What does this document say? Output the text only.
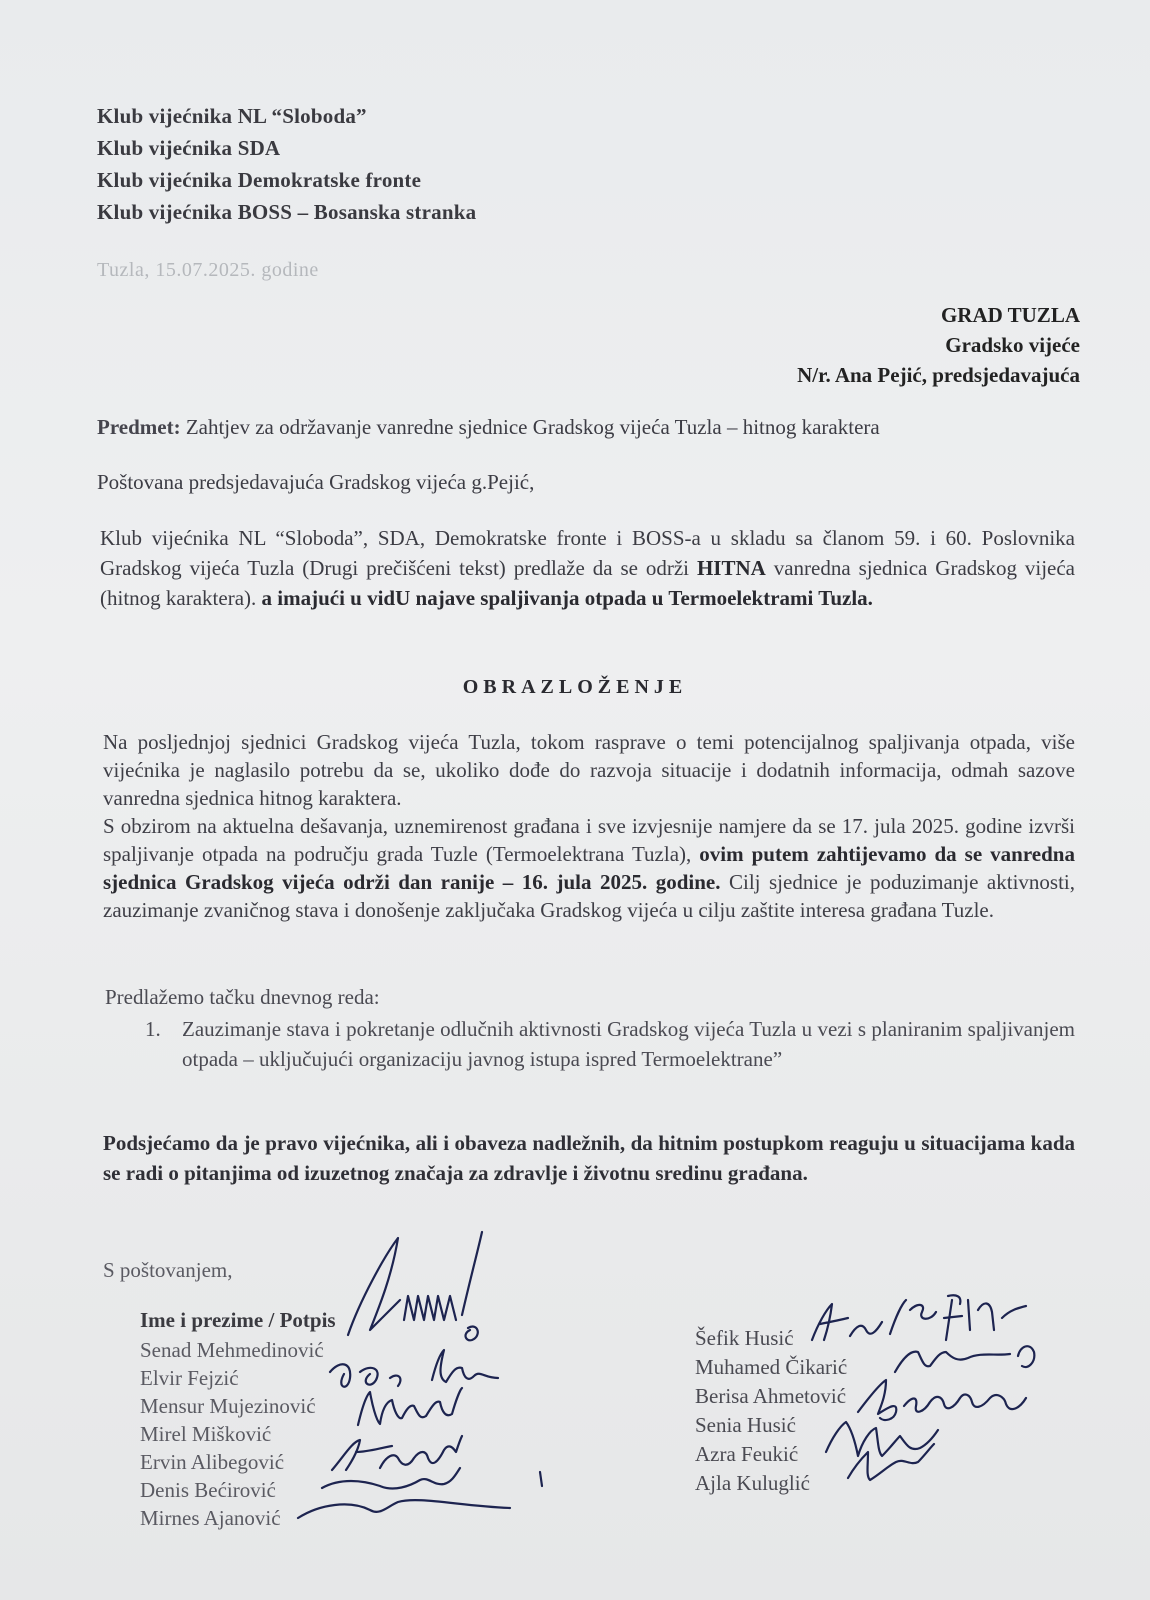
Klub vijećnika NL “Sloboda”
Klub vijećnika SDA
Klub vijećnika Demokratske fronte
Klub vijećnika BOSS – Bosanska stranka
Tuzla, 15.07.2025. godine
GRAD TUZLA
Gradsko vijeće
N/r. Ana Pejić, predsjedavajuća
Predmet: Zahtjev za održavanje vanredne sjednice Gradskog vijeća Tuzla – hitnog karaktera
Poštovana predsjedavajuća Gradskog vijeća g.Pejić,
Klub vijećnika NL “Sloboda”, SDA, Demokratske fronte i BOSS-a u skladu sa članom 59. i 60. Poslovnika Gradskog vijeća Tuzla (Drugi prečišćeni tekst) predlaže da se održi HITNA vanredna sjednica Gradskog vijeća (hitnog karaktera). a imajući u vidU najave spaljivanja otpada u Termoelektrami Tuzla.
OBRAZLOŽENJE

Na posljednjoj sjednici Gradskog vijeća Tuzla, tokom rasprave o temi potencijalnog spaljivanja otpada, više vijećnika je naglasilo potrebu da se, ukoliko dođe do razvoja situacije i dodatnih informacija, odmah sazove vanredna sjednica hitnog karaktera.

S obzirom na aktuelna dešavanja, uznemirenost građana i sve izvjesnije namjere da se 17. jula 2025. godine izvrši spaljivanje otpada na području grada Tuzle (Termoelektrana Tuzla), ovim putem zahtijevamo da se vanredna sjednica Gradskog vijeća održi dan ranije – 16. jula 2025. godine. Cilj sjednice je poduzimanje aktivnosti, zauzimanje zvaničnog stava i donošenje zaključaka Gradskog vijeća u cilju zaštite interesa građana Tuzle.

Predlažemo tačku dnevnog reda:
1.	Zauzimanje stava i pokretanje odlučnih aktivnosti Gradskog vijeća Tuzla u vezi s planiranim spaljivanjem otpada – uključujući organizaciju javnog istupa ispred Termoelektrane”
Podsjećamo da je pravo vijećnika, ali i obaveza nadležnih, da hitnim postupkom reaguju u situacijama kada se radi o pitanjima od izuzetnog značaja za zdravlje i životnu sredinu građana.
S poštovanjem,
Ime i prezime / Potpis
Senad Mehmedinović
Elvir Fejzić
Mensur Mujezinović
Mirel Mišković
Ervin Alibegović
Denis Bećirović
Mirnes Ajanović
Šefik Husić
Muhamed Čikarić
Berisa Ahmetović
Senia Husić
Azra Feukić
Ajla Kuluglić
